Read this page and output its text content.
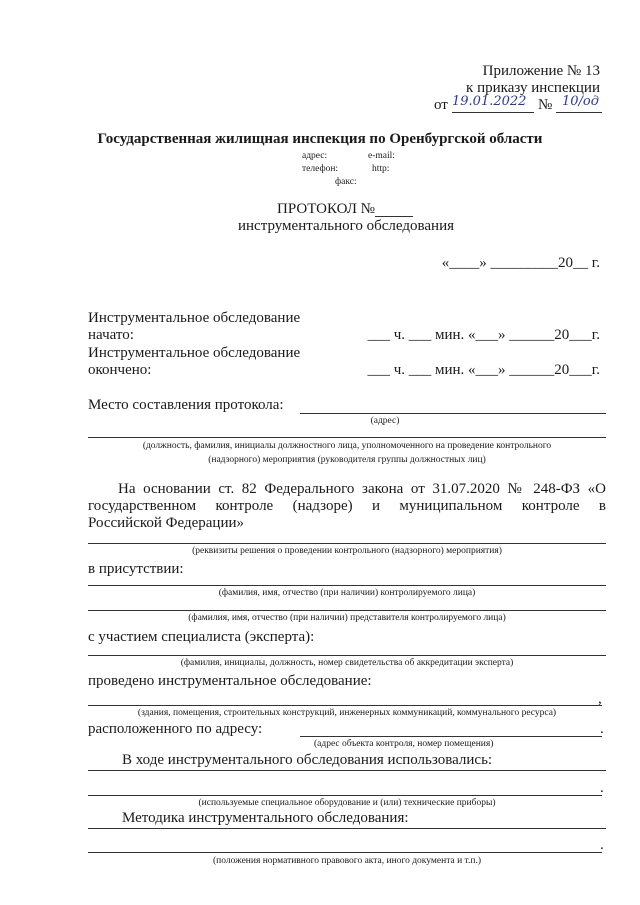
Приложение № 13
к приказу инспекции
от 19.01.2022 № 10/од
Государственная жилищная инспекция по Оренбургской области
адрес:	e-mail:
телефон:	http:
факс:
ПРОТОКОЛ №
инструментального обследования
«____» _________20__ г.
Инструментальное обследование
начато:	___ ч. ___ мин. «___» ______20___г.
Инструментальное обследование
окончено:	___ ч. ___ мин. «___» ______20___г.
Место составления протокола:
(адрес)
(должность, фамилия, инициалы должностного лица, уполномоченного на проведение контрольного
(надзорного) мероприятия (руководителя группы должностных лиц)
На основании ст. 82 Федерального закона от 31.07.2020 № 248-ФЗ «О
государственном контроле (надзоре) и муниципальном контроле в
Российской Федерации»
(реквизиты решения о проведении контрольного (надзорного) мероприятия)
в присутствии:
(фамилия, имя, отчество (при наличии) контролируемого лица)
(фамилия, имя, отчество (при наличии) представителя контролируемого лица)
с участием специалиста (эксперта):
(фамилия, инициалы, должность, номер свидетельства об аккредитации эксперта)
проведено инструментальное обследование:
,
(здания, помещения, строительных конструкций, инженерных коммуникаций, коммунального ресурса)
расположенного по адресу:	.
(адрес объекта контроля, номер помещения)
В ходе инструментального обследования использовались:
.
(используемые специальное оборудование и (или) технические приборы)
Методика инструментального обследования:
.
(положения нормативного правового акта, иного документа и т.п.)
